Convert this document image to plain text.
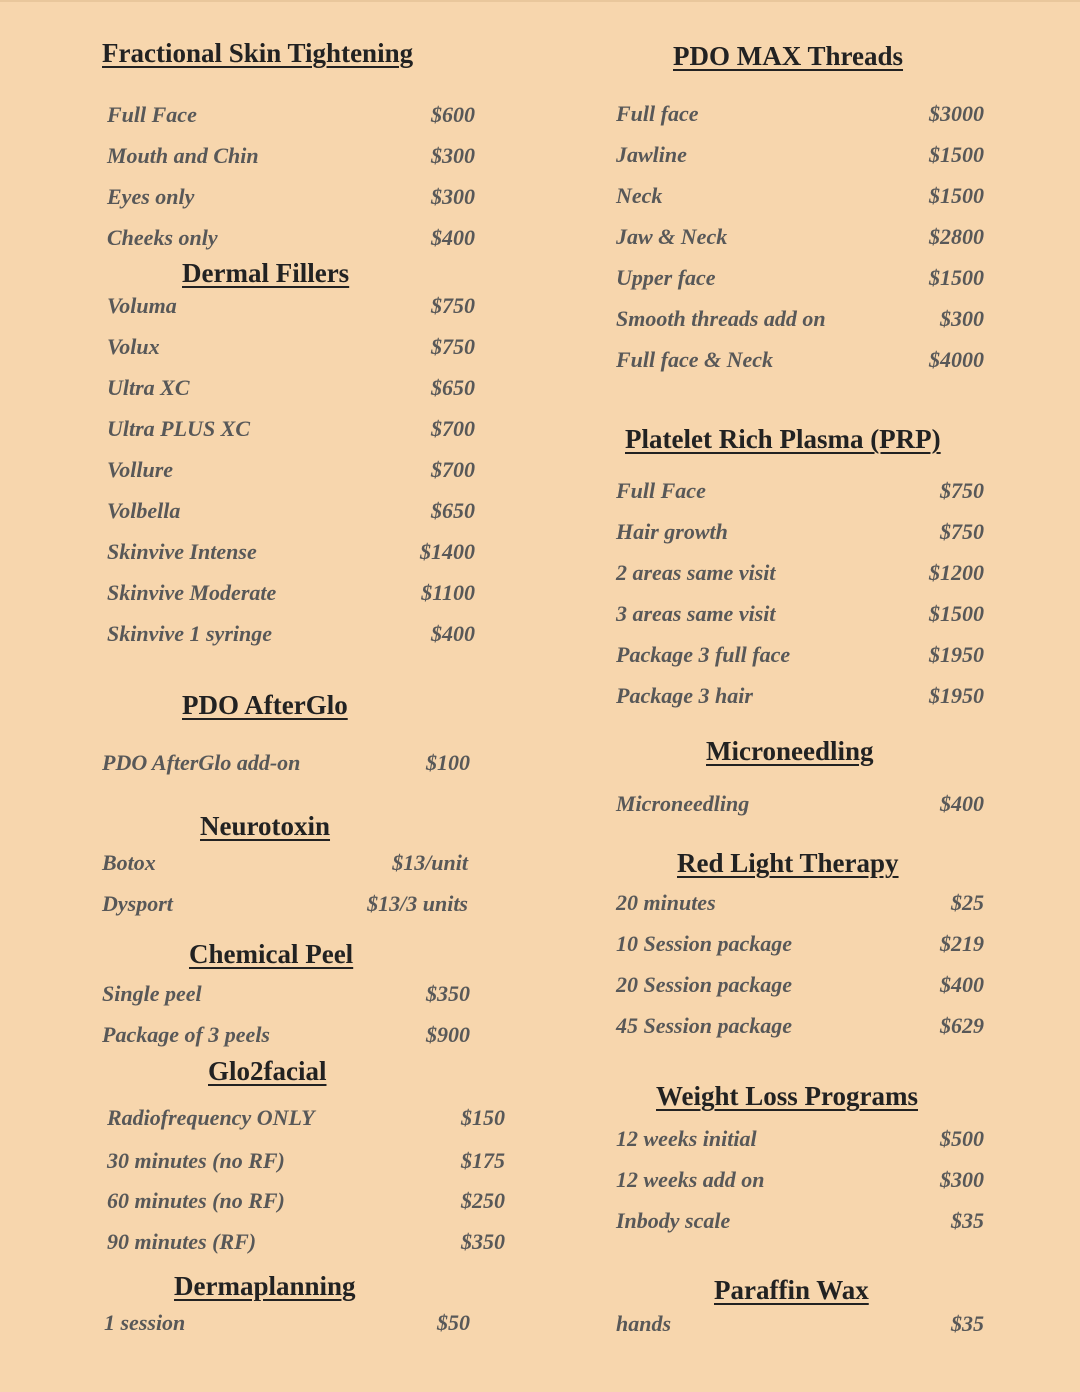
Fractional Skin Tightening
Full Face	$600
Mouth and Chin	$300
Eyes only	$300
Cheeks only	$400
Dermal Fillers
Voluma	$750
Volux	$750
Ultra XC	$650
Ultra PLUS XC	$700
Vollure	$700
Volbella	$650
Skinvive Intense	$1400
Skinvive Moderate	$1100
Skinvive 1 syringe	$400
PDO AfterGlo
PDO AfterGlo add-on	$100
Neurotoxin
Botox	$13/unit
Dysport	$13/3 units
Chemical Peel
Single peel	$350
Package of 3 peels	$900
Glo2facial
Radiofrequency ONLY	$150
30 minutes (no RF)	$175
60 minutes (no RF)	$250
90 minutes (RF)	$350
Dermaplanning
1 session	$50
PDO MAX Threads
Full face	$3000
Jawline	$1500
Neck	$1500
Jaw & Neck	$2800
Upper face	$1500
Smooth threads add on	$300
Full face & Neck	$4000
Platelet Rich Plasma (PRP)
Full Face	$750
Hair growth	$750
2 areas same visit	$1200
3 areas same visit	$1500
Package 3 full face	$1950
Package 3 hair	$1950
Microneedling
Microneedling	$400
Red Light Therapy
20 minutes	$25
10 Session package	$219
20 Session package	$400
45 Session package	$629
Weight Loss Programs
12 weeks initial	$500
12 weeks add on	$300
Inbody scale	$35
Paraffin Wax
hands	$35
